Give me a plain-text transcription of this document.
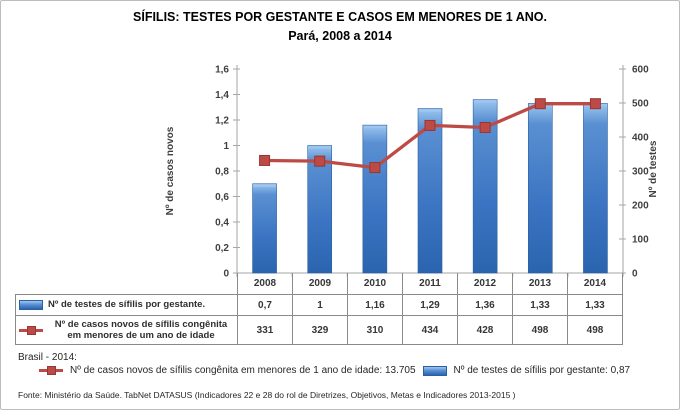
SÍFILIS: TESTES POR GESTANTE E CASOS EM MENORES DE 1 ANO.
Pará, 2008 a 2014
0
0,2
0,4
0,6
0,8
1
1,2
1,4
1,6
0
100
200
300
400
500
600
Nº de casos novos	Nº de testes
	2008	2009	2010	2011	2012	2013	2014

Nº de testes de sífilis por gestante.	0,7	1	1,16	1,29	1,36	1,33	1,33

Nº de casos novos de sífilis congênita em menores de um ano de idade	331	329	310	434	428	498	498
Brasil - 2014:
Nº de casos novos de sífilis congênita em menores de 1 ano de idade: 13.705	Nº de testes de sífilis por gestante: 0,87
Fonte: Ministério da Saúde. TabNet DATASUS (Indicadores 22 e 28 do rol de Diretrizes, Objetivos, Metas e Indicadores 2013-2015 )
